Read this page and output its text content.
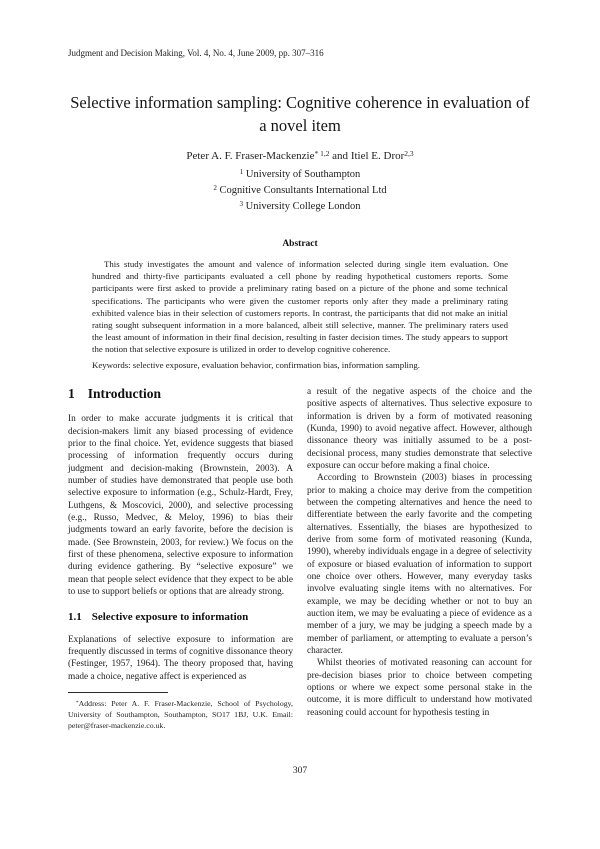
Judgment and Decision Making, Vol. 4, No. 4, June 2009, pp. 307–316
Selective information sampling: Cognitive coherence in evaluation of a novel item
Peter A. F. Fraser-Mackenzie$^{* 1,2}$ and Itiel E. Dror$^{2,3}$
$^1$ University of Southampton
$^2$ Cognitive Consultants International Ltd
$^3$ University College London
Abstract
This study investigates the amount and valence of information selected during single item evaluation. One hundred and thirty-five participants evaluated a cell phone by reading hypothetical customers reports. Some participants were first asked to provide a preliminary rating based on a picture of the phone and some technical specifications. The participants who were given the customer reports only after they made a preliminary rating exhibited valence bias in their selection of customers reports. In contrast, the participants that did not make an initial rating sought subsequent information in a more balanced, albeit still selective, manner. The preliminary raters used the least amount of information in their final decision, resulting in faster decision times. The study appears to support the notion that selective exposure is utilized in order to develop cognitive coherence.
Keywords: selective exposure, evaluation behavior, confirmation bias, information sampling.
1 Introduction

In order to make accurate judgments it is critical that decision-makers limit any biased processing of evidence prior to the final choice. Yet, evidence suggests that biased processing of information frequently occurs during judgment and decision-making (Brownstein, 2003). A number of studies have demonstrated that people use both selective exposure to information (e.g., Schulz-Hardt, Frey, Luthgens, & Moscovici, 2000), and selective processing (e.g., Russo, Medvec, & Meloy, 1996) to bias their judgments toward an early favorite, before the decision is made. (See Brownstein, 2003, for review.) We focus on the first of these phenomena, selective exposure to information during evidence gathering. By “selective exposure” we mean that people select evidence that they expect to be able to use to support beliefs or options that are already strong.

1.1 Selective exposure to information

Explanations of selective exposure to information are frequently discussed in terms of cognitive dissonance theory (Festinger, 1957, 1964). The theory proposed that, having made a choice, negative affect is experienced as

*Address: Peter A. F. Fraser-Mackenzie, School of Psychology, University of Southampton, Southampton, SO17 1BJ, U.K. Email: peter@fraser-mackenzie.co.uk.

a result of the negative aspects of the choice and the positive aspects of alternatives. Thus selective exposure to information is driven by a form of motivated reasoning (Kunda, 1990) to avoid negative affect. However, although dissonance theory was initially assumed to be a post-decisional process, many studies demonstrate that selective exposure can occur before making a final choice.

According to Brownstein (2003) biases in processing prior to making a choice may derive from the competition between the competing alternatives and hence the need to differentiate between the early favorite and the competing alternatives. Essentially, the biases are hypothesized to derive from some form of motivated reasoning (Kunda, 1990), whereby individuals engage in a degree of selectivity of exposure or biased evaluation of information to support one choice over others. However, many everyday tasks involve evaluating single items with no alternatives. For example, we may be deciding whether or not to buy an auction item, we may be evaluating a piece of evidence as a member of a jury, we may be judging a speech made by a member of parliament, or attempting to evaluate a person’s character.

Whilst theories of motivated reasoning can account for pre-decision biases prior to choice between competing options or where we expect some personal stake in the outcome, it is more difficult to understand how motivated reasoning could account for hypothesis testing in

307
